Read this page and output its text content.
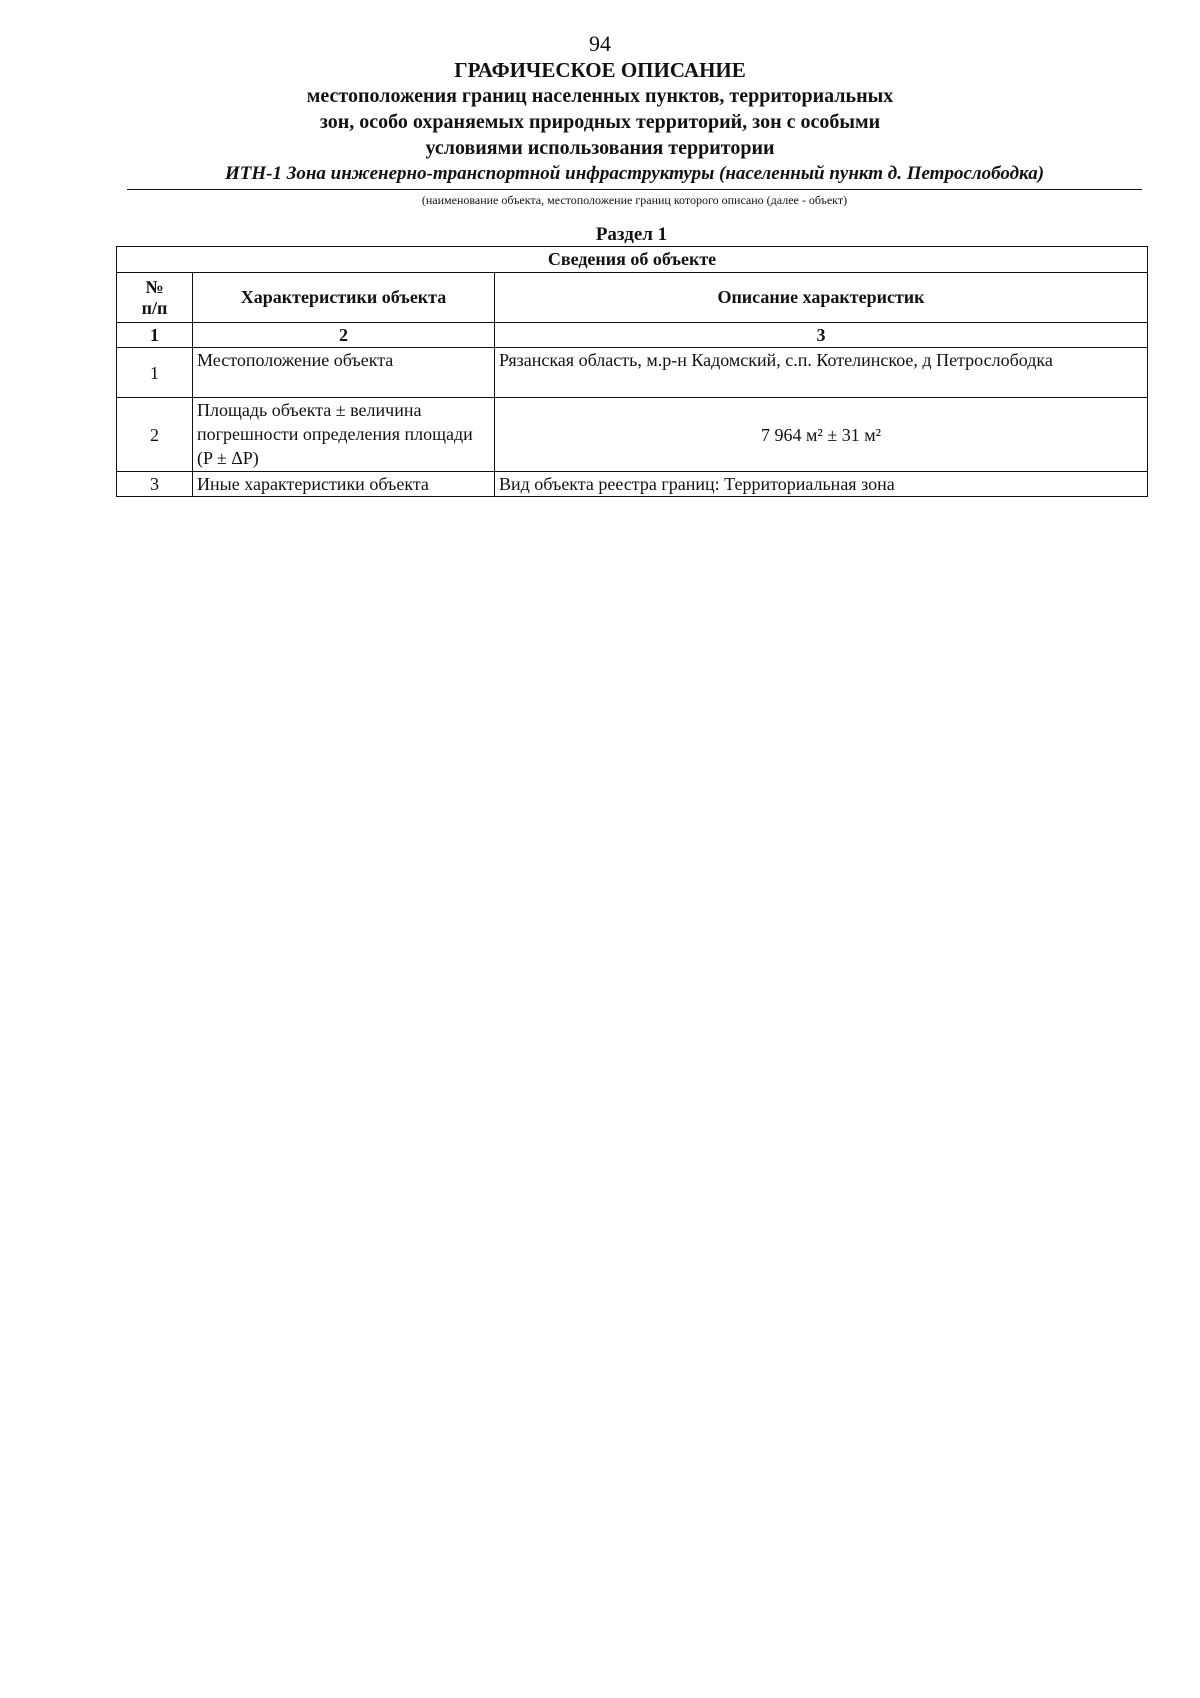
94
ГРАФИЧЕСКОЕ ОПИСАНИЕ
местоположения границ населенных пунктов, территориальных
зон, особо охраняемых природных территорий, зон с особыми
условиями использования территории
ИТН-1 Зона инженерно-транспортной инфраструктуры (населенный пункт д. Петрослободка)
(наименование объекта, местоположение границ которого описано (далее - объект)
Раздел 1
Сведения об объекте		
№
п/п	Характеристики объекта	Описание характеристик
1	2	3
1	Местоположение объекта	Рязанская область, м.р-н Кадомский, с.п. Котелинское, д Петрослободка
2	Площадь объекта ± величина погрешности определения площади (P ± ΔP)	7 964 м² ± 31 м²
3	Иные характеристики объекта	Вид объекта реестра границ: Территориальная зона
